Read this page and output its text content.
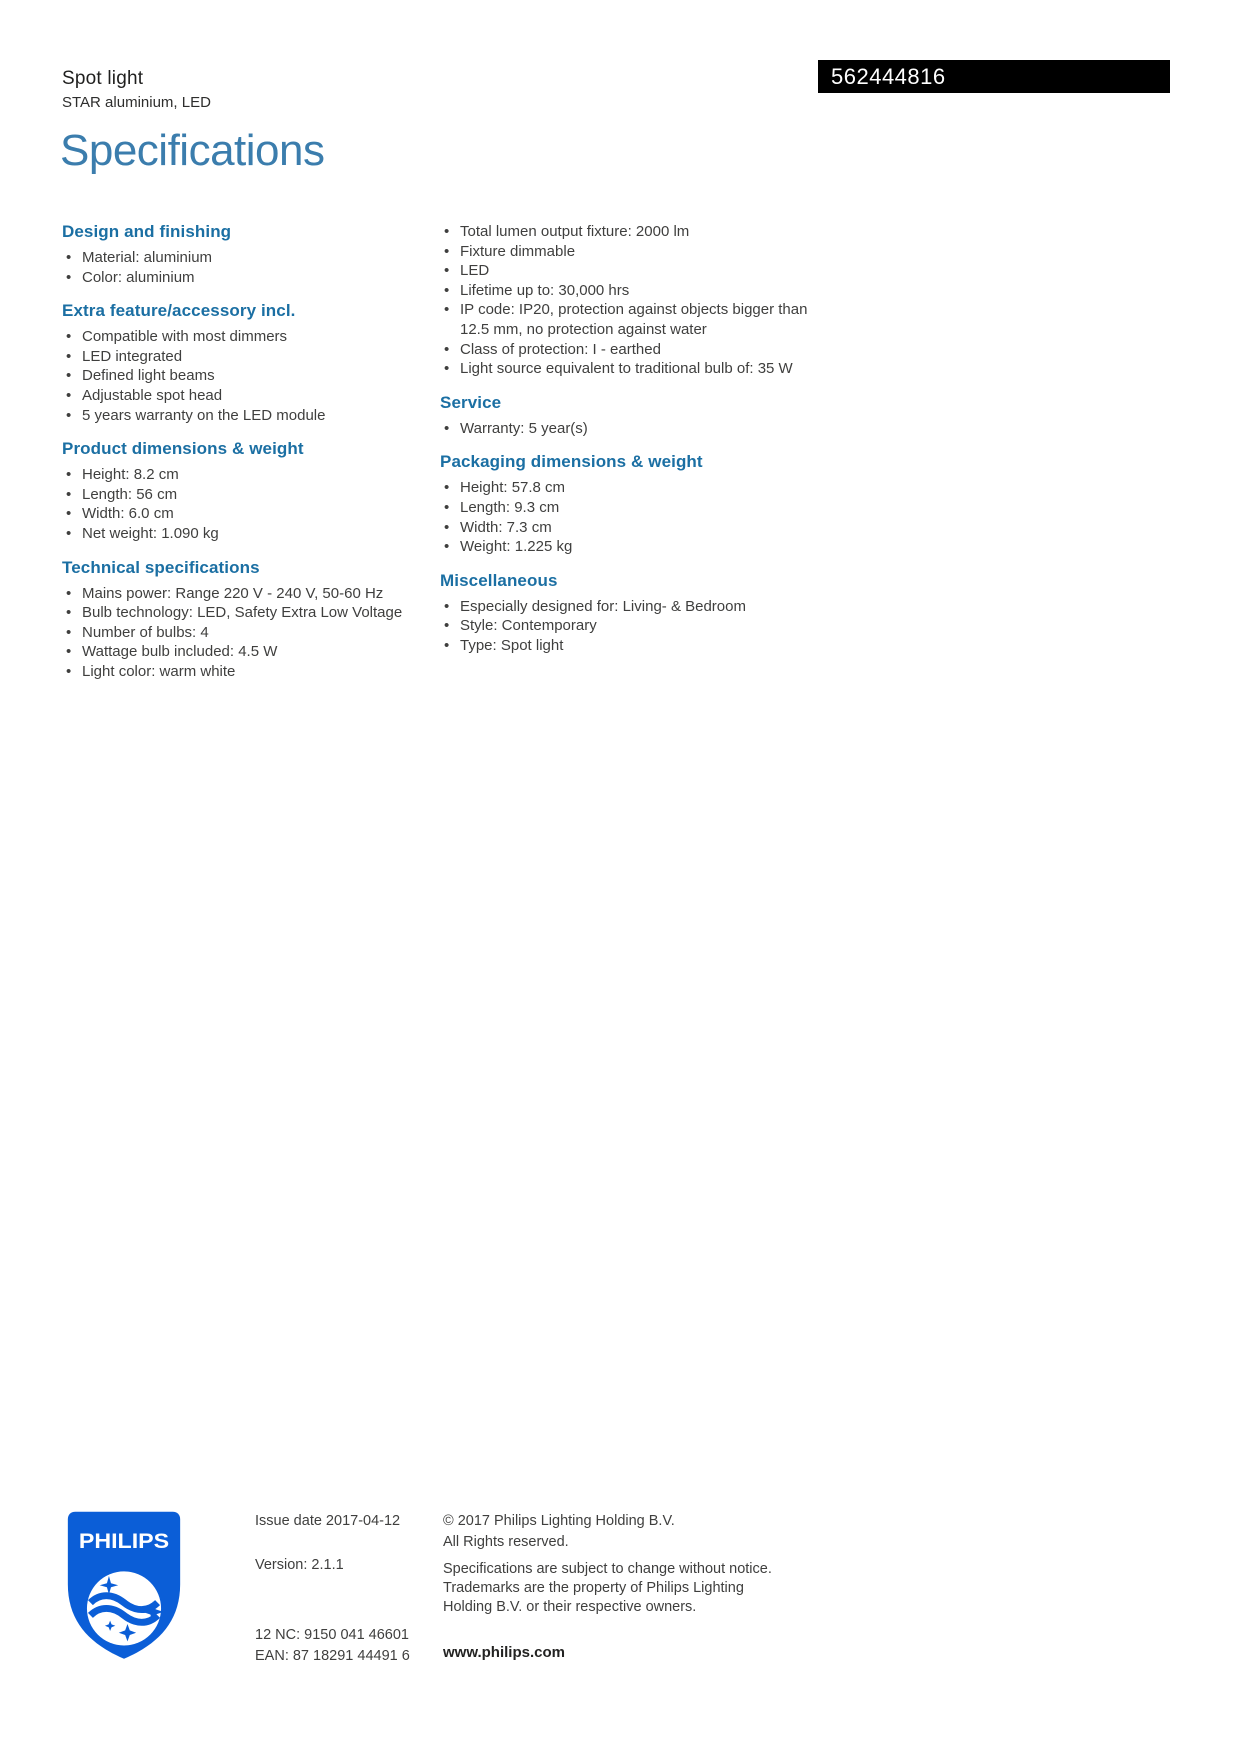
Spot light
STAR aluminium, LED
562444816
Specifications
Design and finishing
• Material: aluminium
• Color: aluminium
Extra feature/accessory incl.
• Compatible with most dimmers
• LED integrated
• Defined light beams
• Adjustable spot head
• 5 years warranty on the LED module
Product dimensions & weight
• Height: 8.2 cm
• Length: 56 cm
• Width: 6.0 cm
• Net weight: 1.090 kg
Technical specifications
• Mains power: Range 220 V - 240 V, 50-60 Hz
• Bulb technology: LED, Safety Extra Low Voltage
• Number of bulbs: 4
• Wattage bulb included: 4.5 W
• Light color: warm white
• Total lumen output fixture: 2000 lm
• Fixture dimmable
• LED
• Lifetime up to: 30,000 hrs
• IP code: IP20, protection against objects bigger than 12.5 mm, no protection against water
• Class of protection: I - earthed
• Light source equivalent to traditional bulb of: 35 W
Service
• Warranty: 5 year(s)
Packaging dimensions & weight
• Height: 57.8 cm
• Length: 9.3 cm
• Width: 7.3 cm
• Weight: 1.225 kg
Miscellaneous
• Especially designed for: Living- & Bedroom
• Style: Contemporary
• Type: Spot light
PHILIPS
Issue date 2017-04-12
Version: 2.1.1
12 NC: 9150 041 46601
EAN: 87 18291 44491 6
© 2017 Philips Lighting Holding B.V.
All Rights reserved.
Specifications are subject to change without notice. Trademarks are the property of Philips Lighting Holding B.V. or their respective owners.
www.philips.com
